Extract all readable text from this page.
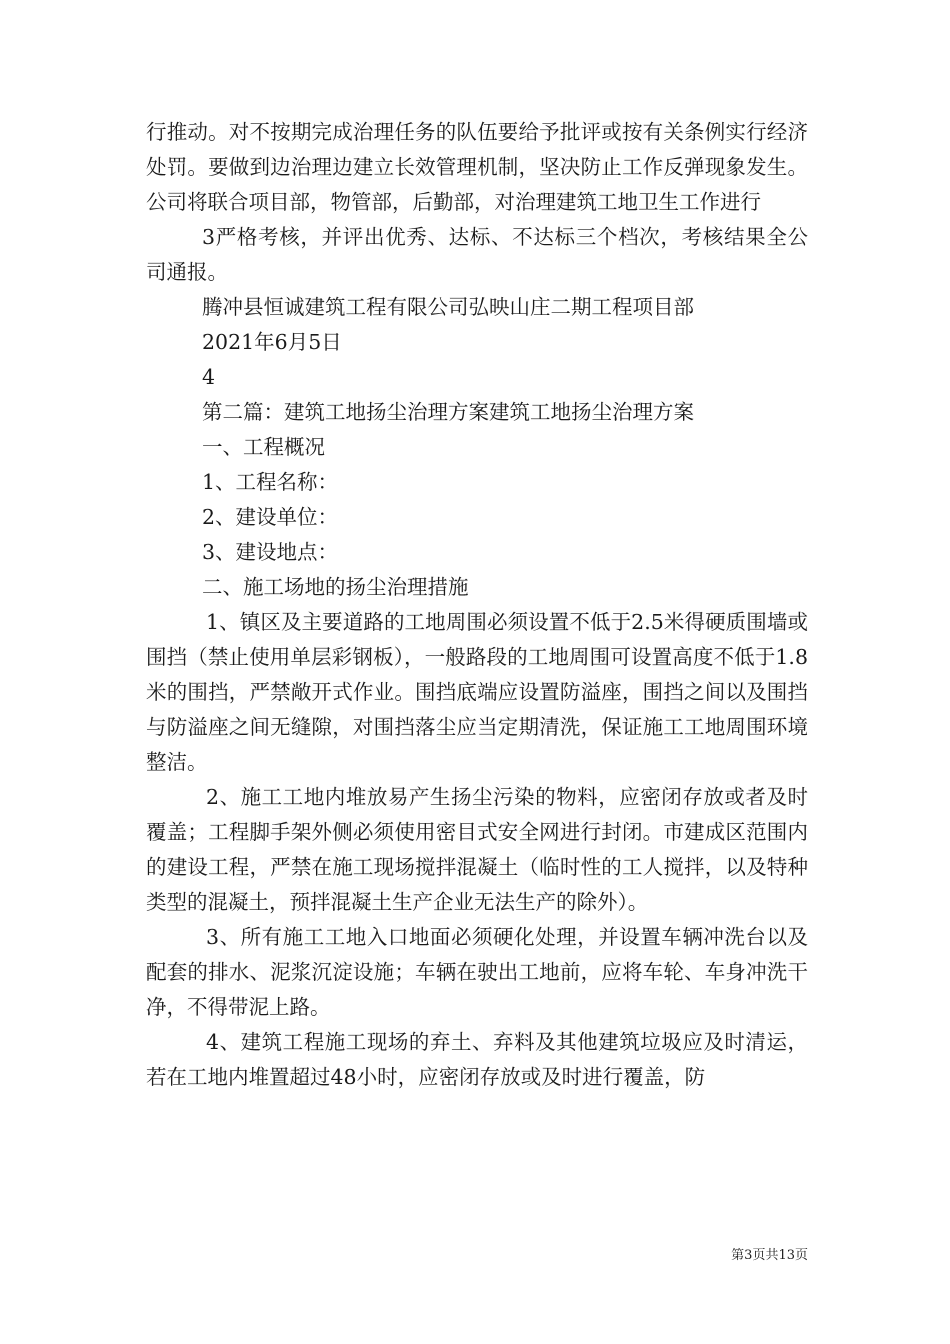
行推动。对不按期完成治理任务的队伍要给予批评或按有关条例实行经济处罚。要做到边治理边建立长效管理机制，坚决防止工作反弹现象发生。公司将联合项目部，物管部，后勤部，对治理建筑工地卫生工作进行

3严格考核，并评出优秀、达标、不达标三个档次，考核结果全公司通报。

腾冲县恒诚建筑工程有限公司弘映山庄二期工程项目部

2021年6月5日

4

第二篇：建筑工地扬尘治理方案建筑工地扬尘治理方案

一、工程概况

1、工程名称：

2、建设单位：

3、建设地点：

二、施工场地的扬尘治理措施

1、镇区及主要道路的工地周围必须设置不低于2.5米得硬质围墙或围挡（禁止使用单层彩钢板），一般路段的工地周围可设置高度不低于1.8米的围挡，严禁敞开式作业。围挡底端应设置防溢座，围挡之间以及围挡与防溢座之间无缝隙，对围挡落尘应当定期清洗，保证施工工地周围环境整洁。

2、施工工地内堆放易产生扬尘污染的物料，应密闭存放或者及时覆盖；工程脚手架外侧必须使用密目式安全网进行封闭。市建成区范围内的建设工程，严禁在施工现场搅拌混凝土（临时性的工人搅拌，以及特种类型的混凝土，预拌混凝土生产企业无法生产的除外）。

3、所有施工工地入口地面必须硬化处理，并设置车辆冲洗台以及配套的排水、泥浆沉淀设施；车辆在驶出工地前，应将车轮、车身冲洗干净，不得带泥上路。

4、建筑工程施工现场的弃土、弃料及其他建筑垃圾应及时清运，若在工地内堆置超过48小时，应密闭存放或及时进行覆盖，防

第3页共13页
